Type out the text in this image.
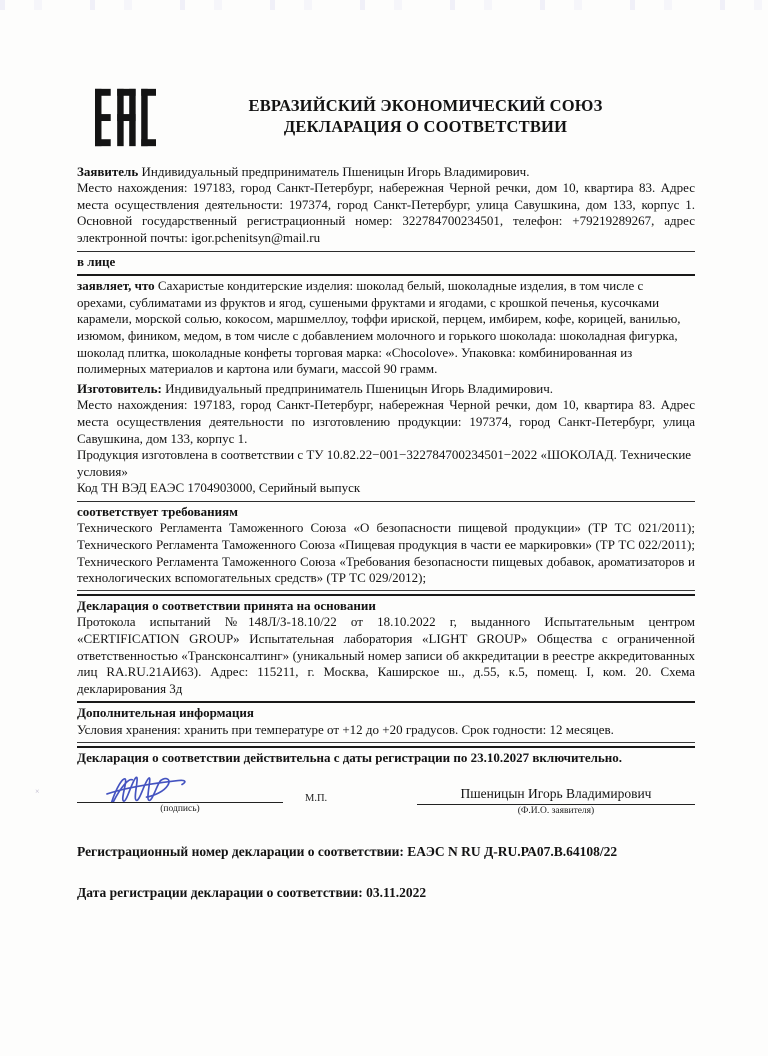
ЕВРАЗИЙСКИЙ ЭКОНОМИЧЕСКИЙ СОЮЗ
ДЕКЛАРАЦИЯ О СООТВЕТСТВИИ

Заявитель Индивидуальный предприниматель Пшеницын Игорь Владимирович.

Место нахождения: 197183, город Санкт-Петербург, набережная Черной речки, дом 10, квартира 83. Адрес места осуществления деятельности: 197374, город Санкт-Петербург, улица Савушкина, дом 133, корпус 1. Основной государственный регистрационный номер: 322784700234501, телефон: +79219289267, адрес электронной почты: igor.pchenitsyn@mail.ru

в лице

заявляет, что Сахаристые кондитерские изделия: шоколад белый, шоколадные изделия, в том числе с орехами, сублиматами из фруктов и ягод, сушеными фруктами и ягодами, с крошкой печенья, кусочками карамели, морской солью, кокосом, маршмеллоу, тоффи ириской, перцем, имбирем, кофе, корицей, ванилью, изюмом, фиником, медом, в том числе с добавлением молочного и горького шоколада: шоколадная фигурка, шоколад плитка, шоколадные конфеты торговая марка: «Chocolove». Упаковка: комбинированная из полимерных материалов и картона или бумаги, массой 90 грамм.

Изготовитель: Индивидуальный предприниматель Пшеницын Игорь Владимирович.

Место нахождения: 197183, город Санкт-Петербург, набережная Черной речки, дом 10, квартира 83. Адрес места осуществления деятельности по изготовлению продукции: 197374, город Санкт-Петербург, улица Савушкина, дом 133, корпус 1.

Продукция изготовлена в соответствии с ТУ 10.82.22−001−322784700234501−2022 «ШОКОЛАД. Технические условия»

Код ТН ВЭД ЕАЭС 1704903000, Серийный выпуск

соответствует требованиям

Технического Регламента Таможенного Союза «О безопасности пищевой продукции» (ТР ТС 021/2011); Технического Регламента Таможенного Союза «Пищевая продукция в части ее маркировки» (ТР ТС 022/2011); Технического Регламента Таможенного Союза «Требования безопасности пищевых добавок, ароматизаторов и технологических вспомогательных средств» (ТР ТС 029/2012);

Декларация о соответствии принята на основании

Протокола испытаний №148Л/З-18.10/22 от 18.10.2022 г, выданного Испытательным центром «CERTIFICATION GROUP» Испытательная лаборатория «LIGHT GROUP» Общества с ограниченной ответственностью «Трансконсалтинг» (уникальный номер записи об аккредитации в реестре аккредитованных лиц RA.RU.21АИ63). Адрес: 115211, г. Москва, Каширское ш., д.55, к.5, помещ. I, ком. 20. Схема декларирования 3д

Дополнительная информация

Условия хранения: хранить при температуре от +12 до +20 градусов. Срок годности: 12 месяцев.

Декларация о соответствии действительна с даты регистрации по 23.10.2027 включительно.

(подпись)
М.П.	Пшеницын Игорь Владимирович
(Ф.И.О. заявителя)

Регистрационный номер декларации о соответствии: ЕАЭС N RU Д-RU.РА07.В.64108/22

Дата регистрации декларации о соответствии: 03.11.2022

×
